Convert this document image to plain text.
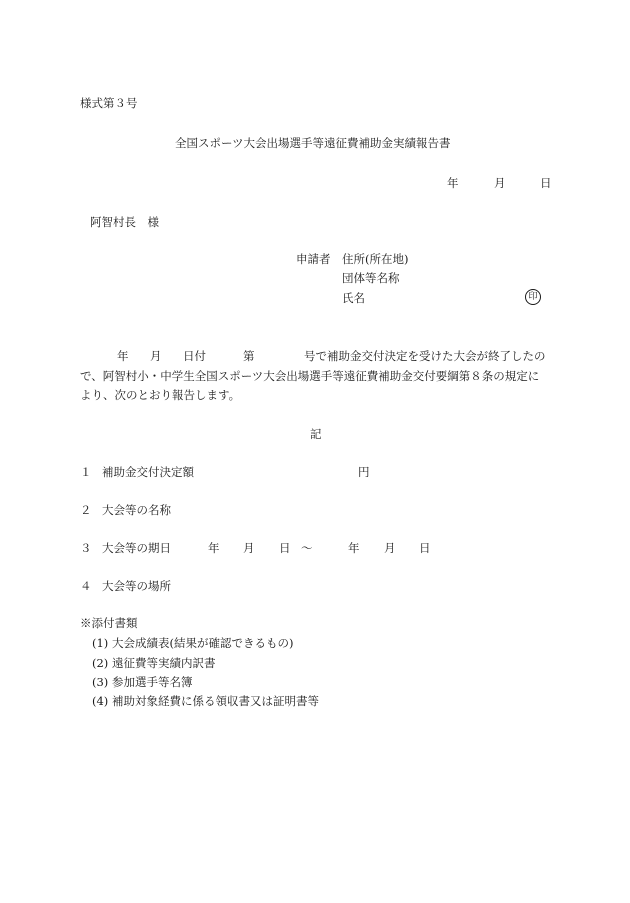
様式第３号
全国スポーツ大会出場選手等遠征費補助金実績報告書
年	月	日
阿智村長　様
申請者 住所(所在地)
団体等名称
氏名	印
年 月 日付	第	号で補助金交付決定を受けた大会が終了したの
で、阿智村小・中学生全国スポーツ大会出場選手等遠征費補助金交付要綱第８条の規定に
より、次のとおり報告します。
記
１ 補助金交付決定額	円
２ 大会等の名称
３ 大会等の期日	年 月 日 ～	年 月 日
４ 大会等の場所
※添付書類
(1) 大会成績表(結果が確認できるもの)
(2) 遠征費等実績内訳書
(3) 参加選手等名簿
(4) 補助対象経費に係る領収書又は証明書等
